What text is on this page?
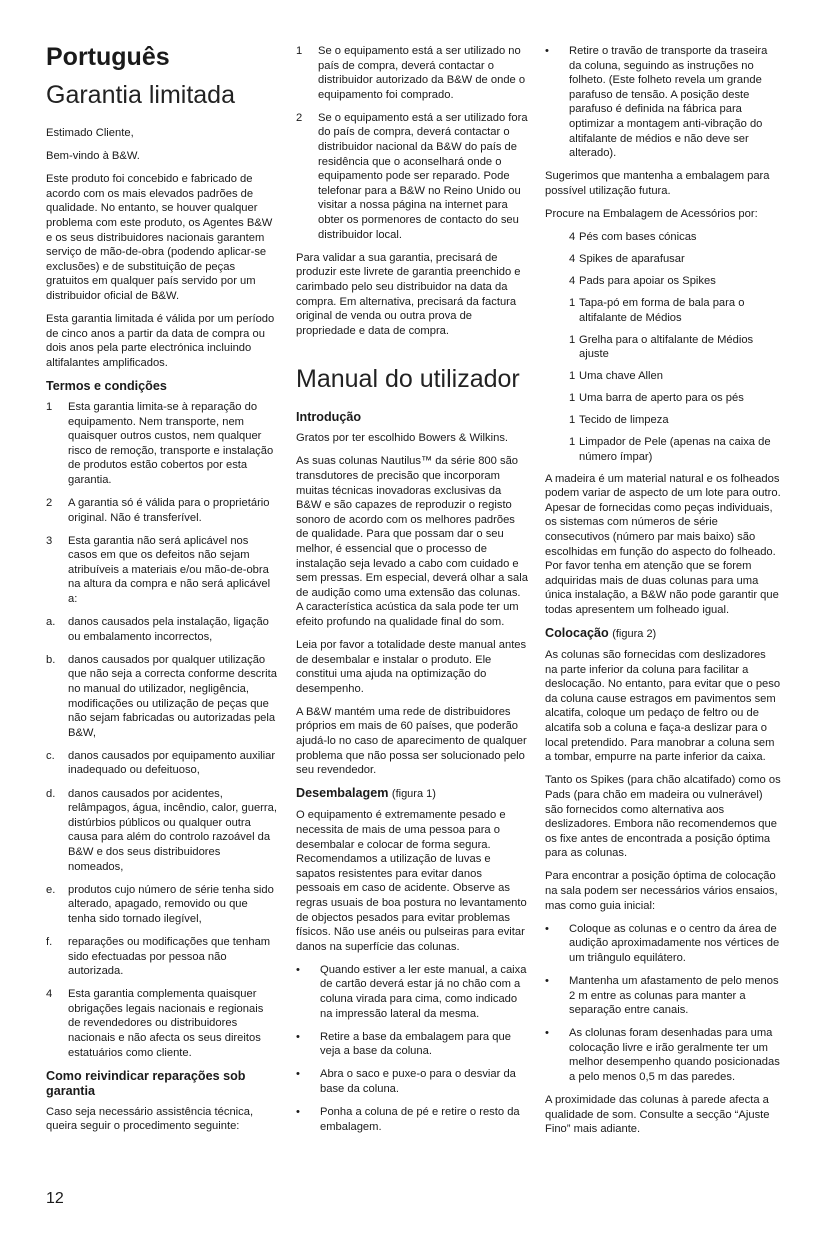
Português
Garantia limitada

Estimado Cliente,

Bem-vindo à B&W.

Este produto foi concebido e fabricado de acordo com os mais elevados padrões de qualidade. No entanto, se houver qualquer problema com este produto, os Agentes B&W e os seus distribuidores nacionais garantem serviço de mão-de-obra (podendo aplicar-se exclusões) e de substituição de peças gratuitos em qualquer país servido por um distribuidor oficial de B&W.

Esta garantia limitada é válida por um período de cinco anos a partir da data de compra ou dois anos pela parte electrónica incluindo altifalantes amplificados.

Termos e condições
1	Esta garantia limita-se à reparação do equipamento. Nem transporte, nem quaisquer outros custos, nem qualquer risco de remoção, transporte e instalação de produtos estão cobertos por esta garantia.
2	A garantia só é válida para o proprietário original. Não é transferível.
3	Esta garantia não será aplicável nos casos em que os defeitos não sejam atribuíveis a materiais e/ou mão-de-obra na altura da compra e não será aplicável a:
a.	danos causados pela instalação, ligação ou embalamento incorrectos,
b.	danos causados por qualquer utilização que não seja a correcta conforme descrita no manual do utilizador, negligência, modificações ou utilização de peças que não sejam fabricadas ou autorizadas pela B&W,
c.	danos causados por equipamento auxiliar inadequado ou defeituoso,
d.	danos causados por acidentes, relâmpagos, água, incêndio, calor, guerra, distúrbios públicos ou qualquer outra causa para além do controlo razoável da B&W e dos seus distribuidores nomeados,
e.	produtos cujo número de série tenha sido alterado, apagado, removido ou que tenha sido tornado ilegível,
f.	reparações ou modificações que tenham sido efectuadas por pessoa não autorizada.
4	Esta garantia complementa quaisquer obrigações legais nacionais e regionais de revendedores ou distribuidores nacionais e não afecta os seus direitos estatuários como cliente.
Como reivindicar reparações sob garantia

Caso seja necessário assistência técnica, queira seguir o procedimento seguinte:

1	Se o equipamento está a ser utilizado no país de compra, deverá contactar o distribuidor autorizado da B&W de onde o equipamento foi comprado.
2	Se o equipamento está a ser utilizado fora do país de compra, deverá contactar o distribuidor nacional da B&W do país de residência que o aconselhará onde o equipamento pode ser reparado. Pode telefonar para a B&W no Reino Unido ou visitar a nossa página na internet para obter os pormenores de contacto do seu distribuidor local.

Para validar a sua garantia, precisará de produzir este livrete de garantia preenchido e carimbado pelo seu distribuidor na data da compra. Em alternativa, precisará da factura original de venda ou outra prova de propriedade e data de compra.

Manual do utilizador
Introdução

Gratos por ter escolhido Bowers & Wilkins.

As suas colunas Nautilus™ da série 800 são transdutores de precisão que incorporam muitas técnicas inovadoras exclusivas da B&W e são capazes de reproduzir o registo sonoro de acordo com os melhores padrões de qualidade. Para que possam dar o seu melhor, é essencial que o processo de instalação seja levado a cabo com cuidado e sem pressas. Em especial, deverá olhar a sala de audição como uma extensão das colunas. A característica acústica da sala pode ter um efeito profundo na qualidade final do som.

Leia por favor a totalidade deste manual antes de desembalar e instalar o produto. Ele constitui uma ajuda na optimização do desempenho.

A B&W mantém uma rede de distribuidores próprios em mais de 60 países, que poderão ajudá-lo no caso de aparecimento de qualquer problema que não possa ser solucionado pelo seu revendedor.

Desembalagem (figura 1)

O equipamento é extremamente pesado e necessita de mais de uma pessoa para o desembalar e colocar de forma segura. Recomendamos a utilização de luvas e sapatos resistentes para evitar danos pessoais em caso de acidente. Observe as regras usuais de boa postura no levantamento de objectos pesados para evitar problemas físicos. Não use anéis ou pulseiras para evitar danos na superfície das colunas.

•	Quando estiver a ler este manual, a caixa de cartão deverá estar já no chão com a coluna virada para cima, como indicado na impressão lateral da mesma.
•	Retire a base da embalagem para que veja a base da coluna.
•	Abra o saco e puxe-o para o desviar da base da coluna.
•	Ponha a coluna de pé e retire o resto da embalagem.
•	Retire o travão de transporte da traseira da coluna, seguindo as instruções no folheto. (Este folheto revela um grande parafuso de tensão. A posição deste parafuso é definida na fábrica para optimizar a montagem anti-vibração do altifalante de médios e não deve ser alterado).

Sugerimos que mantenha a embalagem para possível utilização futura.

Procure na Embalagem de Acessórios por:

4 Pés com bases cónicas
4 Spikes de aparafusar
4 Pads para apoiar os Spikes
1 Tapa-pó em forma de bala para o altifalante de Médios
1 Grelha para o altifalante de Médios ajuste
1 Uma chave Allen
1 Uma barra de aperto para os pés
1 Tecido de limpeza
1 Limpador de Pele (apenas na caixa de número ímpar)

A madeira é um material natural e os folheados podem variar de aspecto de um lote para outro. Apesar de fornecidas como peças individuais, os sistemas com números de série consecutivos (número par mais baixo) são escolhidas em função do aspecto do folheado. Por favor tenha em atenção que se forem adquiridas mais de duas colunas para uma única instalação, a B&W não pode garantir que todas apresentem um folheado igual.

Colocação (figura 2)

As colunas são fornecidas com deslizadores na parte inferior da coluna para facilitar a deslocação. No entanto, para evitar que o peso da coluna cause estragos em pavimentos sem alcatifa, coloque um pedaço de feltro ou de alcatifa sob a coluna e faça-a deslizar para o local pretendido. Para manobrar a coluna sem a tombar, empurre na parte inferior da caixa.

Tanto os Spikes (para chão alcatifado) como os Pads (para chão em madeira ou vulnerável) são fornecidos como alternativa aos deslizadores. Embora não recomendemos que os fixe antes de encontrada a posição óptima para as colunas.

Para encontrar a posição óptima de colocação na sala podem ser necessários vários ensaios, mas como guia inicial:

•	Coloque as colunas e o centro da área de audição aproximadamente nos vértices de um triângulo equilátero.
•	Mantenha um afastamento de pelo menos 2 m entre as colunas para manter a separação entre canais.
•	As clolunas foram desenhadas para uma colocação livre e irão geralmente ter um melhor desempenho quando posicionadas a pelo menos 0,5 m das paredes.

A proximidade das colunas à parede afecta a qualidade de som. Consulte a secção “Ajuste Fino” mais adiante.

12
